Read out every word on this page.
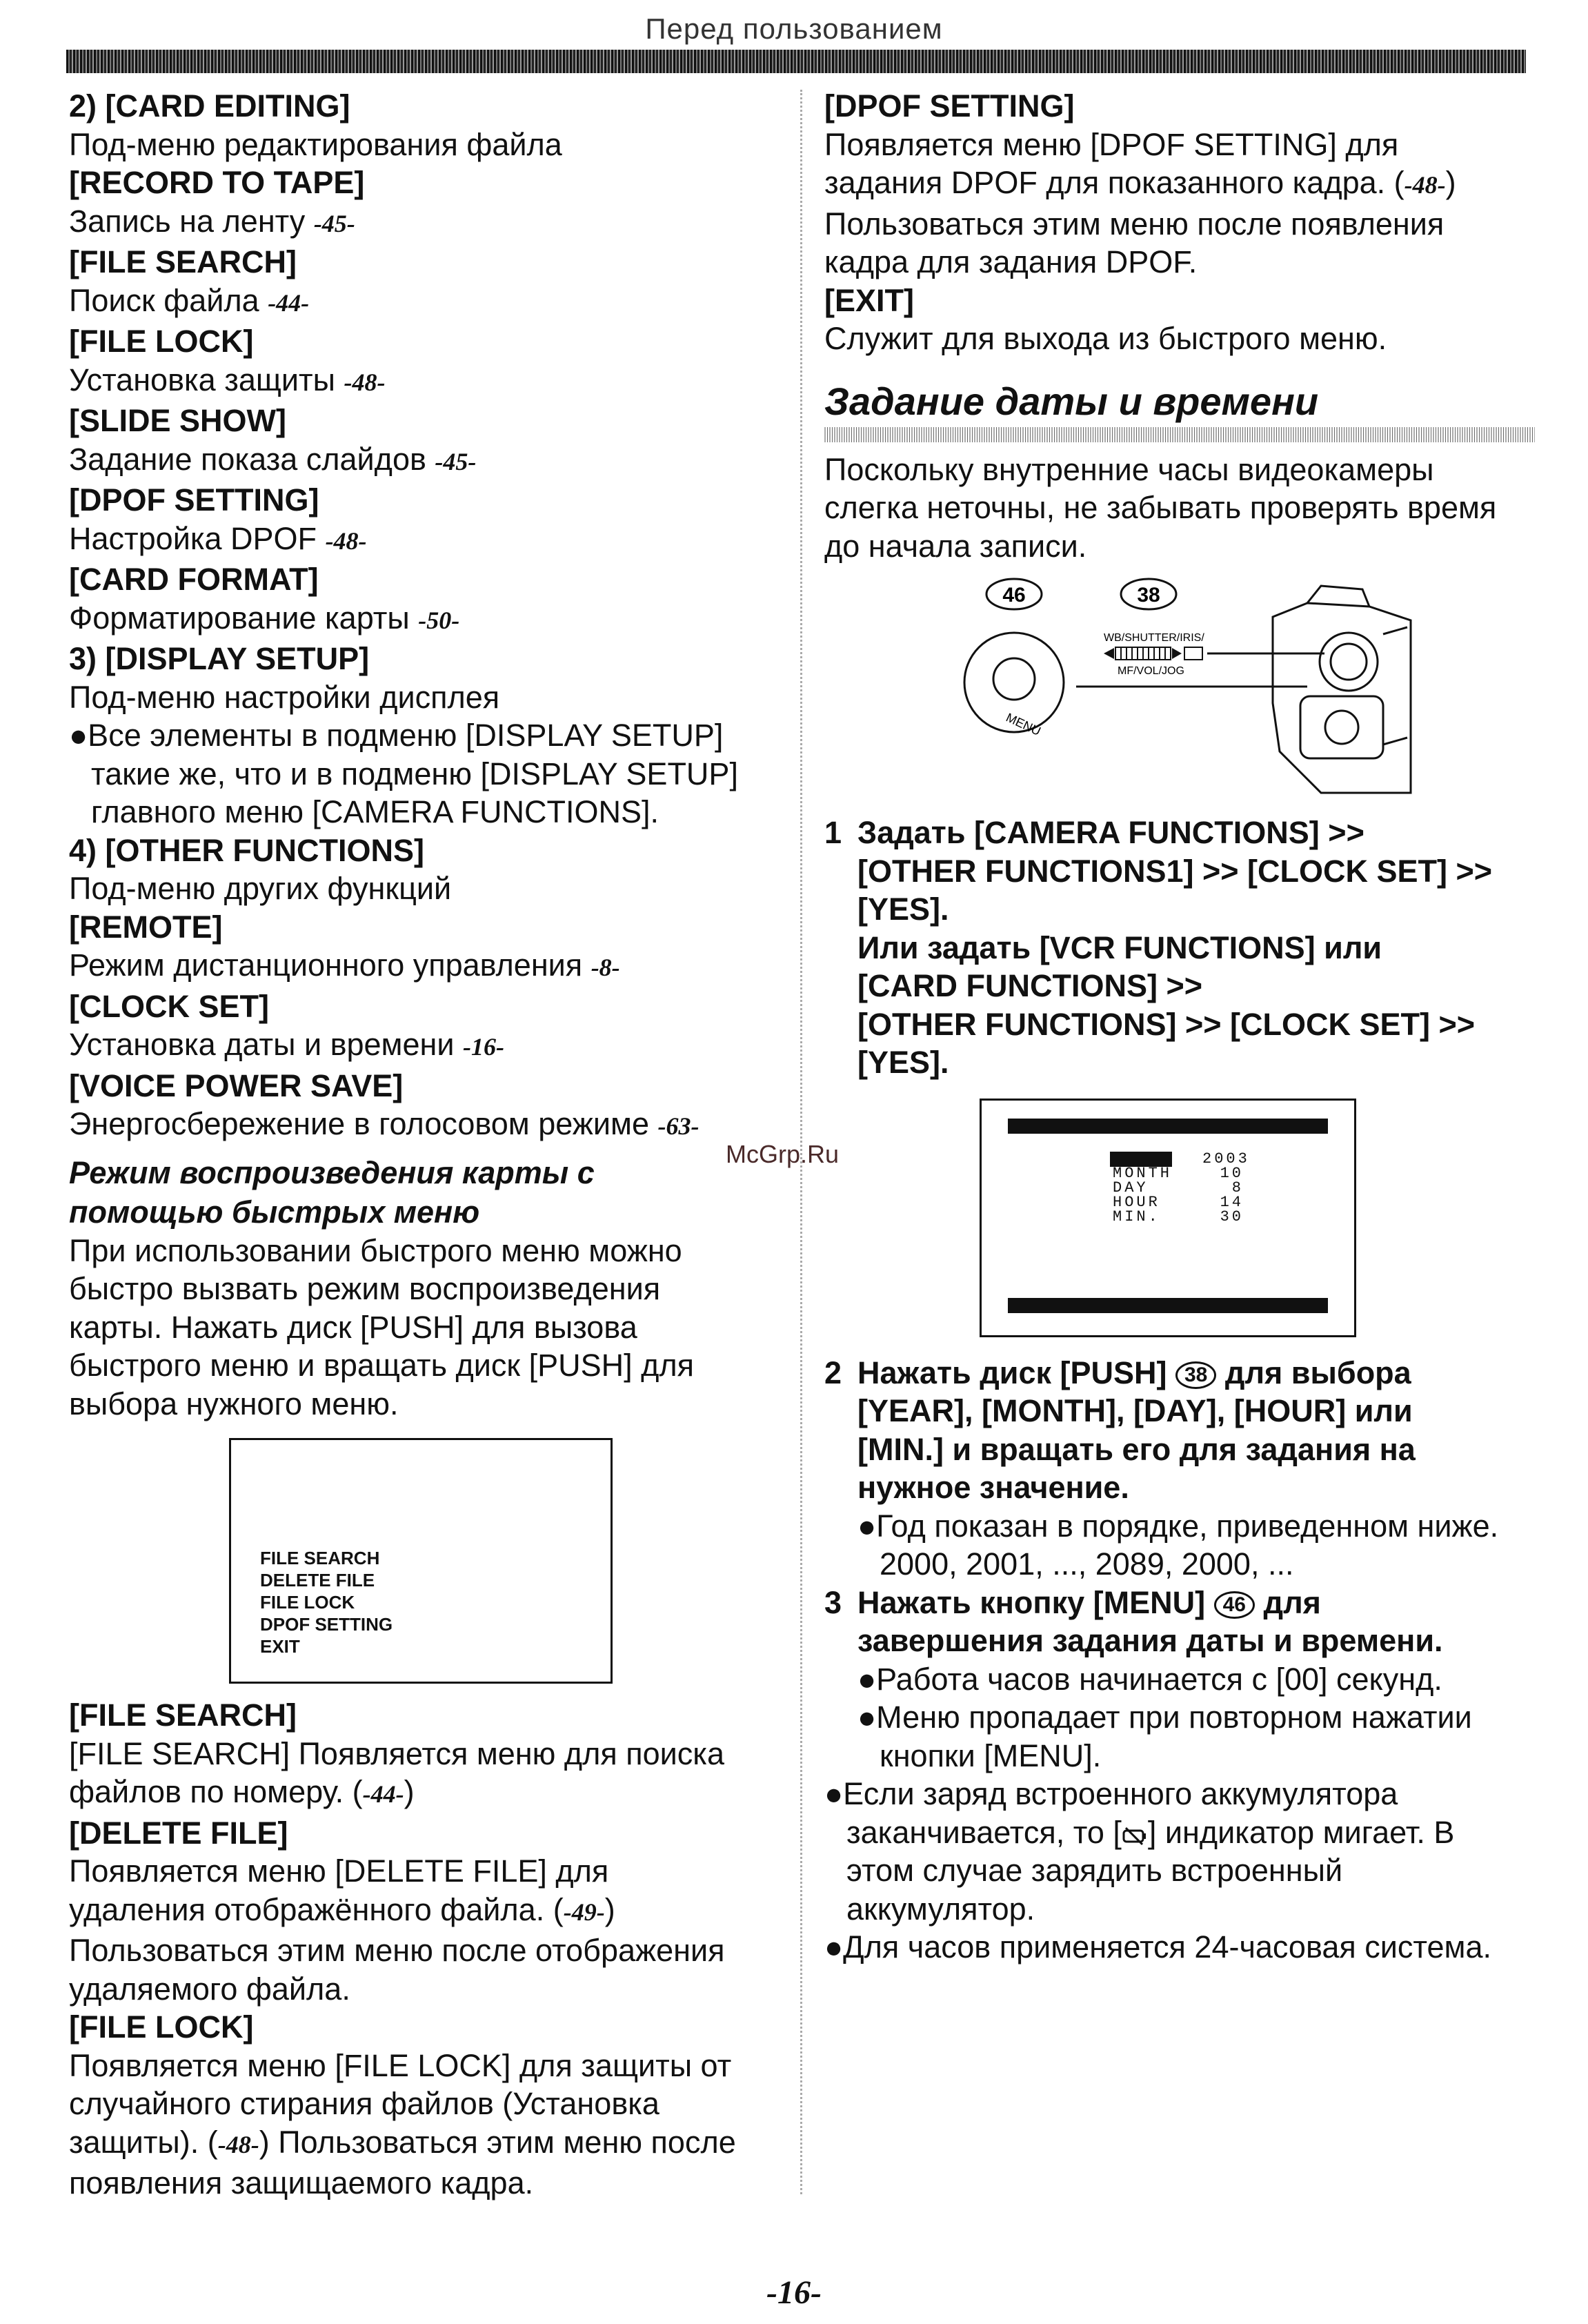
Перед пользованием
2) [CARD EDITING]
Под-меню редактирования файла
[RECORD TO TAPE]
Запись на ленту -45-
[FILE SEARCH]
Поиск файла -44-
[FILE LOCK]
Установка защиты -48-
[SLIDE SHOW]
Задание показа слайдов -45-
[DPOF SETTING]
Настройка DPOF -48-
[CARD FORMAT]
Форматирование карты -50-
3) [DISPLAY SETUP]
Под-меню настройки дисплея
●Все элементы в подменю [DISPLAY SETUP]
такие же, что и в подменю [DISPLAY SETUP]
главного меню [CAMERA FUNCTIONS].
4) [OTHER FUNCTIONS]
Под-меню других функций
[REMOTE]
Режим дистанционного управления -8-
[CLOCK SET]
Установка даты и времени -16-
[VOICE POWER SAVE]
Энергосбережение в голосовом режиме -63-
Режим воспроизведения карты с
помощью быстрых меню
При использовании быстрого меню можно
быстро вызвать режим воспроизведения
карты. Нажать диск [PUSH] для вызова
быстрого меню и вращать диск [PUSH] для
выбора нужного меню.
FILE SEARCH
DELETE FILE
FILE LOCK
DPOF SETTING
EXIT
[FILE SEARCH]
[FILE SEARCH] Появляется меню для поиска
файлов по номеру. (-44-)
[DELETE FILE]
Появляется меню [DELETE FILE] для
удаления отображённого файла. (-49-)
Пользоваться этим меню после отображения
удаляемого файла.
[FILE LOCK]
Появляется меню [FILE LOCK] для защиты от
случайного стирания файлов (Установка
защиты). (-48-) Пользоваться этим меню после
появления защищаемого кадра.
[DPOF SETTING]
Появляется меню [DPOF SETTING] для
задания DPOF для показанного кадра. (-48-)
Пользоваться этим меню после появления
кадра для задания DPOF.
[EXIT]
Служит для выхода из быстрого меню.
Задание даты и времени
Поскольку внутренние часы видеокамеры
слегка неточны, не забывать проверять время
до начала записи.
46	38
MENU
WB/SHUTTER/IRIS/
MF/VOL/JOG
1 Задать [CAMERA FUNCTIONS] >>
[OTHER FUNCTIONS1] >> [CLOCK SET] >>
[YES].
Или задать [VCR FUNCTIONS] или
[CARD FUNCTIONS] >>
[OTHER FUNCTIONS] >> [CLOCK SET] >>
[YES].
2003
MONTH	10
DAY	8
HOUR	14
MIN.	30
2 Нажать диск [PUSH] 38 для выбора
[YEAR], [MONTH], [DAY], [HOUR] или
[MIN.] и вращать его для задания на
нужное значение.
●Год показан в порядке, приведенном ниже.
2000, 2001, ..., 2089, 2000, ...
3 Нажать кнопку [MENU] 46 для
завершения задания даты и времени.
●Работа часов начинается с [00] секунд.
●Меню пропадает при повторном нажатии
кнопки [MENU].
●Если заряд встроенного аккумулятора
заканчивается, то [ ] индикатор мигает. В
этом случае зарядить встроенный
аккумулятор.
●Для часов применяется 24-часовая система.
McGrp.Ru
-16-
